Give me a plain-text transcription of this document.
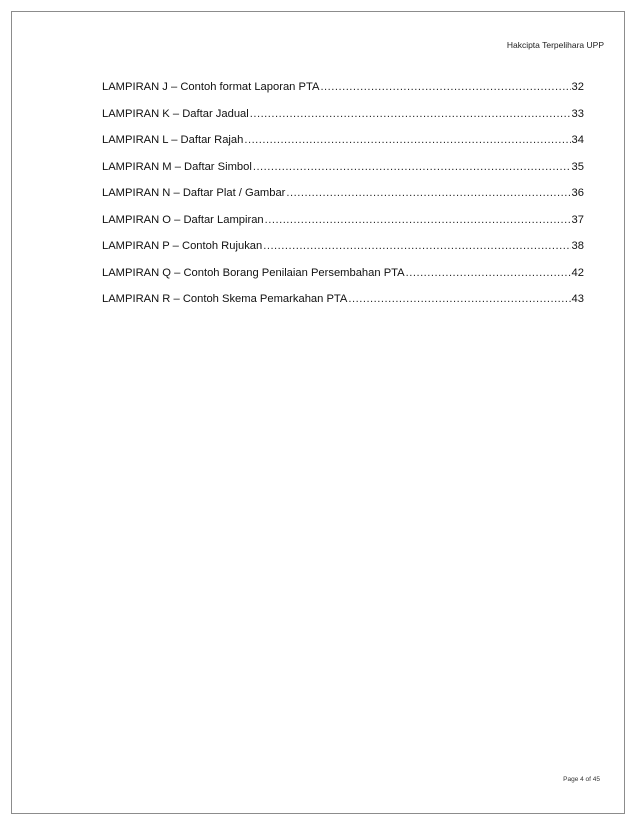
Hakcipta Terpelihara UPP
LAMPIRAN J – Contoh format Laporan PTA .....	32
LAMPIRAN K – Daftar Jadual .....	33
LAMPIRAN L – Daftar Rajah .....	34
LAMPIRAN M – Daftar Simbol .....	35
LAMPIRAN N – Daftar Plat / Gambar .....	36
LAMPIRAN O – Daftar Lampiran .....	37
LAMPIRAN P – Contoh Rujukan .....	38
LAMPIRAN Q – Contoh Borang Penilaian Persembahan PTA .....	42
LAMPIRAN R – Contoh Skema Pemarkahan PTA .....	43
Page 4 of 45
